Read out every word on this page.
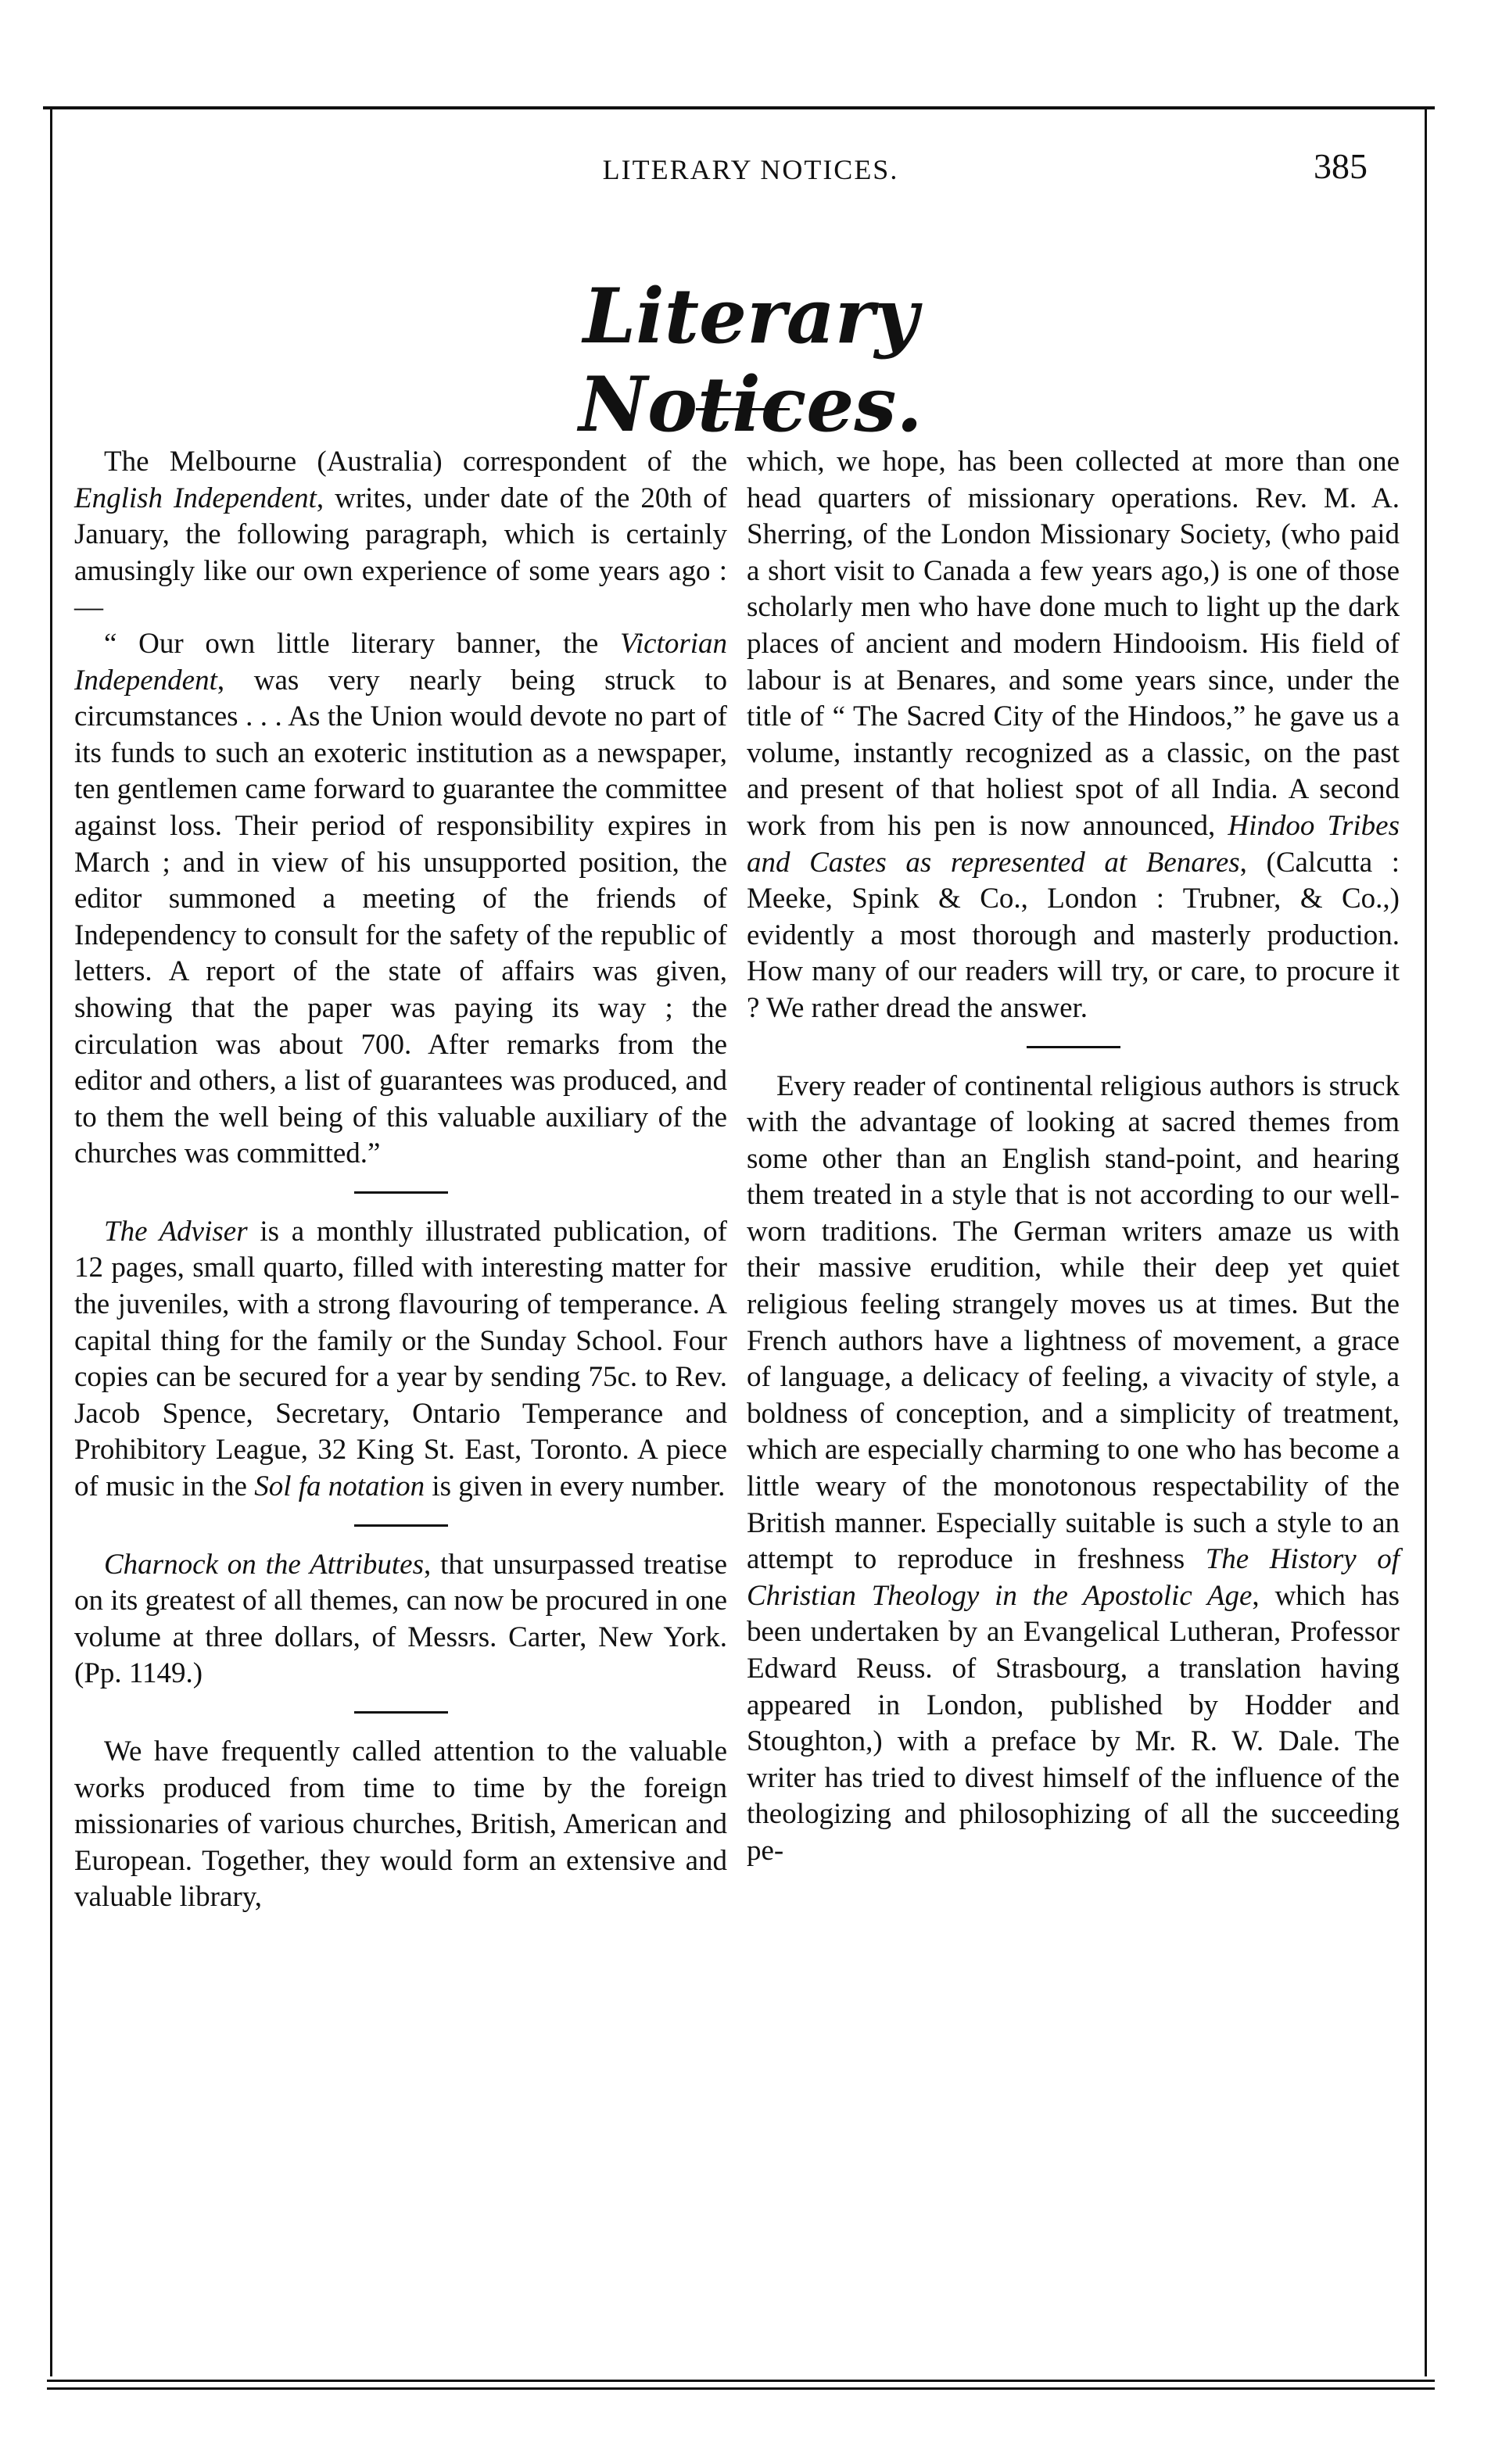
LITERARY NOTICES.	385
Literary Notices.

The Melbourne (Australia) correspondent of the English Independent, writes, under date of the 20th of January, the following paragraph, which is certainly amusingly like our own experience of some years ago :—

“ Our own little literary banner, the Victorian Independent, was very nearly being struck to circumstances . . . As the Union would devote no part of its funds to such an exoteric institution as a newspaper, ten gentlemen came forward to guarantee the committee against loss. Their period of responsibility expires in March ; and in view of his unsupported position, the editor summoned a meeting of the friends of Independency to consult for the safety of the republic of letters. A report of the state of affairs was given, showing that the paper was paying its way ; the circulation was about 700. After remarks from the editor and others, a list of guarantees was produced, and to them the well being of this valuable auxiliary of the churches was committed.”

The Adviser is a monthly illustrated publication, of 12 pages, small quarto, filled with interesting matter for the juveniles, with a strong flavouring of temperance. A capital thing for the family or the Sunday School. Four copies can be secured for a year by sending 75c. to Rev. Jacob Spence, Secretary, Ontario Temperance and Prohibitory League, 32 King St. East, Toronto. A piece of music in the Sol fa notation is given in every number.

Charnock on the Attributes, that unsurpassed treatise on its greatest of all themes, can now be procured in one volume at three dollars, of Messrs. Carter, New York. (Pp. 1149.)

We have frequently called attention to the valuable works produced from time to time by the foreign missionaries of various churches, British, American and European. Together, they would form an extensive and valuable library,

which, we hope, has been collected at more than one head quarters of missionary operations. Rev. M. A. Sherring, of the London Missionary Society, (who paid a short visit to Canada a few years ago,) is one of those scholarly men who have done much to light up the dark places of ancient and modern Hindooism. His field of labour is at Benares, and some years since, under the title of “ The Sacred City of the Hindoos,” he gave us a volume, instantly recognized as a classic, on the past and present of that holiest spot of all India. A second work from his pen is now announced, Hindoo Tribes and Castes as represented at Benares, (Calcutta : Meeke, Spink & Co., London : Trubner, & Co.,) evidently a most thorough and masterly production. How many of our readers will try, or care, to procure it ? We rather dread the answer.

Every reader of continental religious authors is struck with the advantage of looking at sacred themes from some other than an English stand-point, and hearing them treated in a style that is not according to our well-worn traditions. The German writers amaze us with their massive erudition, while their deep yet quiet religious feeling strangely moves us at times. But the French authors have a lightness of movement, a grace of language, a delicacy of feeling, a vivacity of style, a boldness of conception, and a simplicity of treatment, which are especially charming to one who has become a little weary of the monotonous respectability of the British manner. Especially suitable is such a style to an attempt to reproduce in freshness The History of Christian Theology in the Apostolic Age, which has been undertaken by an Evangelical Lutheran, Professor Edward Reuss. of Strasbourg, a translation having appeared in London, published by Hodder and Stoughton,) with a preface by Mr. R. W. Dale. The writer has tried to divest himself of the influence of the theologizing and philosophizing of all the succeeding pe-
